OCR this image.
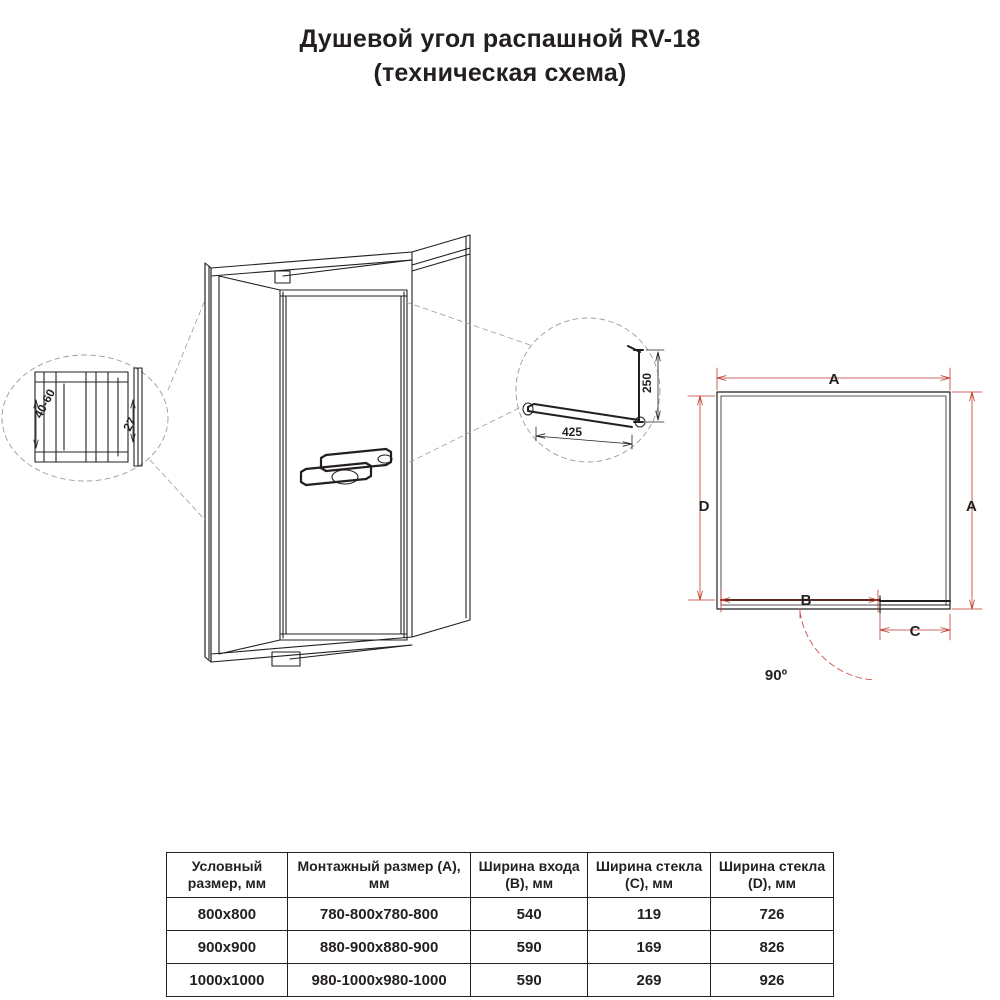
Душевой угол распашной RV-18
(техническая схема)
40-60
27	425
250	A
A
D
B
C
90º
Условный размер, мм	Монтажный размер (A), мм	Ширина входа (B), мм	Ширина стекла (C), мм	Ширина стекла (D), мм
800x800	780-800x780-800	540	119	726
900x900	880-900x880-900	590	169	826
1000x1000	980-1000x980-1000	590	269	926
